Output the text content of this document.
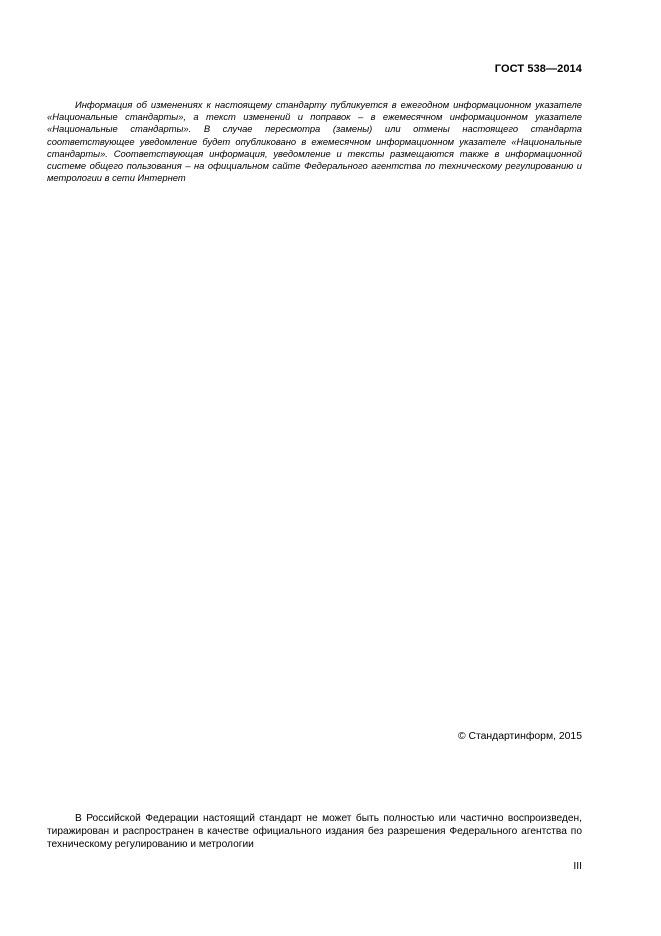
ГОСТ 538—2014

Информация об изменениях к настоящему стандарту публикуется в ежегодном информационном указателе «Национальные стандарты», а текст изменений и поправок – в ежемесячном информационном указателе «Национальные стандарты». В случае пересмотра (замены) или отмены настоящего стандарта соответствующее уведомление будет опубликовано в ежемесячном информационном указателе «Национальные стандарты». Соответствующая информация, уведомление и тексты размещаются также в информационной системе общего пользования – на официальном сайте Федерального агентства по техническому регулированию и метрологии в сети Интернет

© Стандартинформ, 2015

В Российской Федерации настоящий стандарт не может быть полностью или частично воспроизведен, тиражирован и распространен в качестве официального издания без разрешения Федерального агентства по техническому регулированию и метрологии

III
